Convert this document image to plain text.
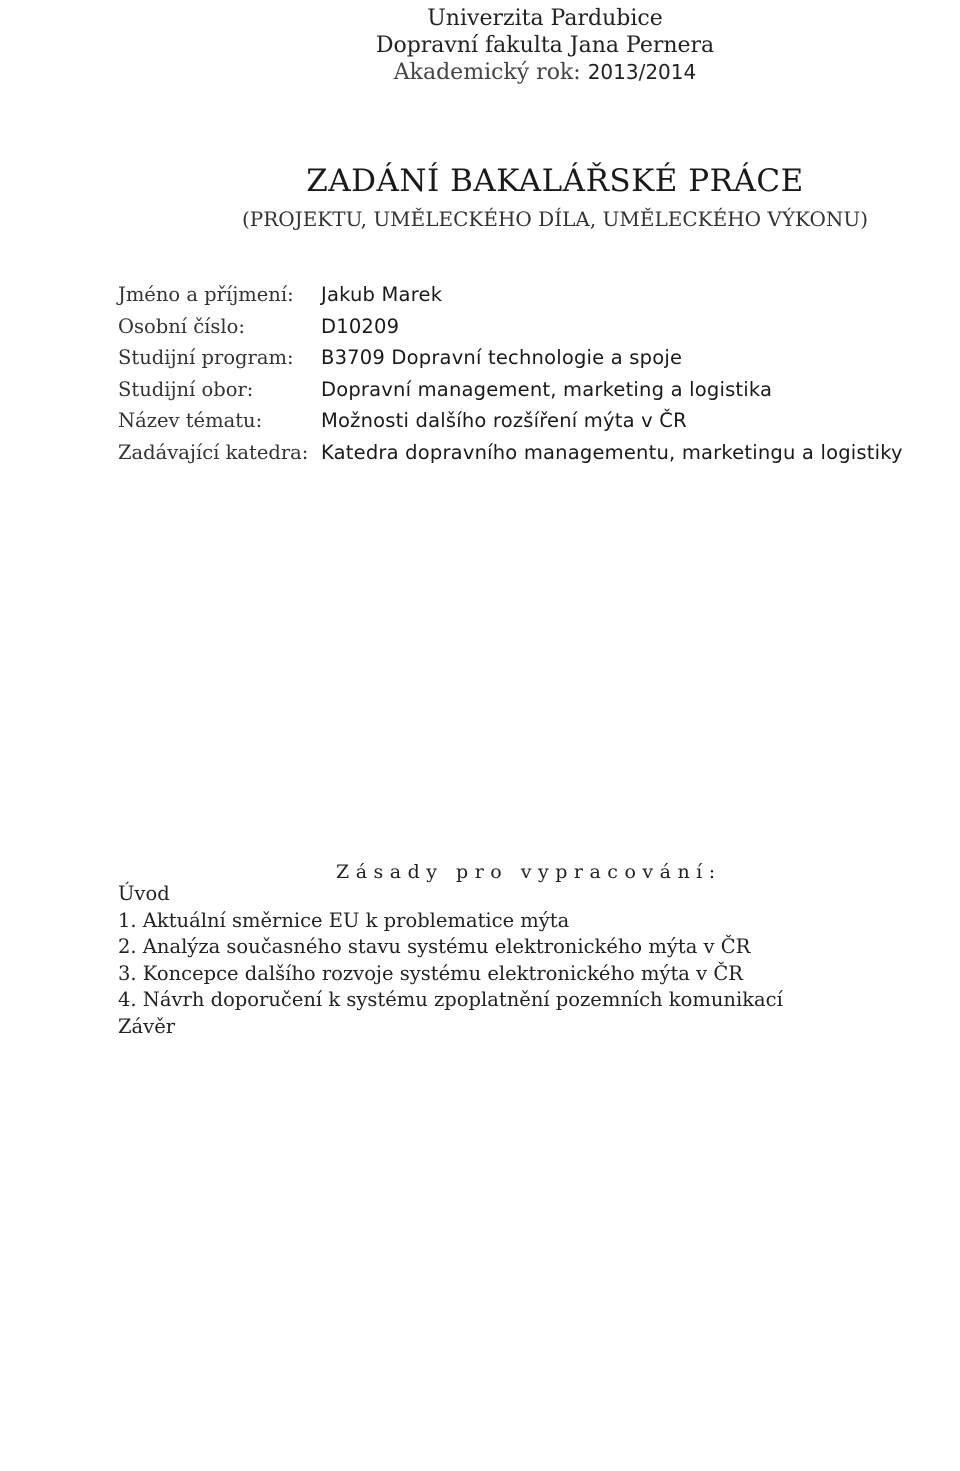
Univerzita Pardubice
Dopravní fakulta Jana Pernera
Akademický rok: 2013/2014
ZADÁNÍ BAKALÁŘSKÉ PRÁCE
(PROJEKTU, UMĚLECKÉHO DÍLA, UMĚLECKÉHO VÝKONU)
Jméno a příjmení:	Jakub Marek
Osobní číslo:	D10209
Studijní program:	B3709 Dopravní technologie a spoje
Studijní obor:	Dopravní management, marketing a logistika
Název tématu:	Možnosti dalšího rozšíření mýta v ČR
Zadávající katedra: Katedra dopravního managementu, marketingu a logistiky
Zásady pro vypracování:
Úvod
1. Aktuální směrnice EU k problematice mýta
2. Analýza současného stavu systému elektronického mýta v ČR
3. Koncepce dalšího rozvoje systému elektronického mýta v ČR
4. Návrh doporučení k systému zpoplatnění pozemních komunikací
Závěr
